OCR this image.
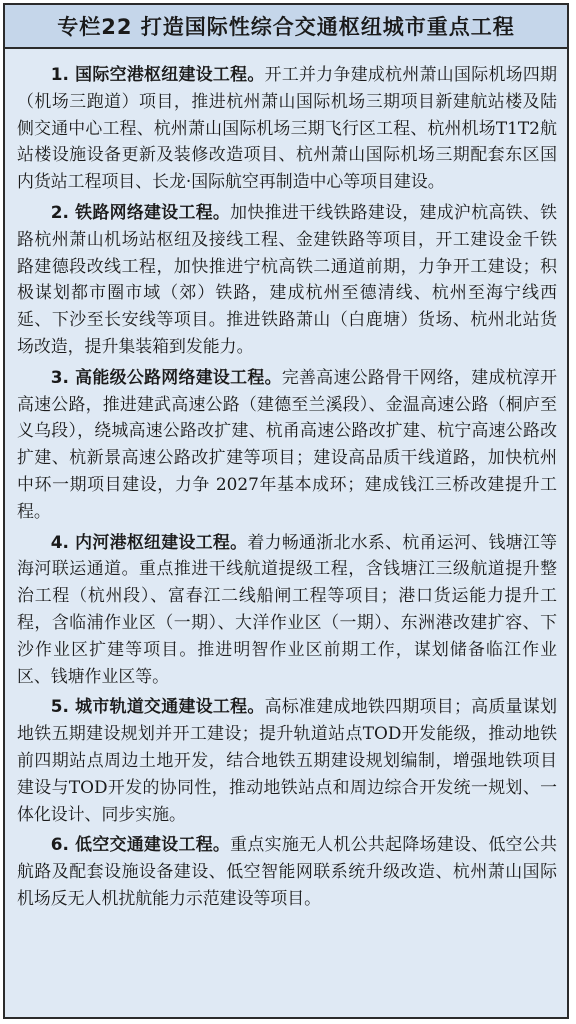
专栏22 打造国际性综合交通枢纽城市重点工程

1. 国际空港枢纽建设工程。开工并力争建成杭州萧山国际机场四期（机场三跑道）项目，推进杭州萧山国际机场三期项目新建航站楼及陆侧交通中心工程、杭州萧山国际机场三期飞行区工程、杭州机场T1T2航站楼设施设备更新及装修改造项目、杭州萧山国际机场三期配套东区国内货站工程项目、长龙·国际航空再制造中心等项目建设。

2. 铁路网络建设工程。加快推进干线铁路建设，建成沪杭高铁、铁路杭州萧山机场站枢纽及接线工程、金建铁路等项目，开工建设金千铁路建德段改线工程，加快推进宁杭高铁二通道前期，力争开工建设；积极谋划都市圈市域（郊）铁路，建成杭州至德清线、杭州至海宁线西延、下沙至长安线等项目。推进铁路萧山（白鹿塘）货场、杭州北站货场改造，提升集装箱到发能力。

3. 高能级公路网络建设工程。完善高速公路骨干网络，建成杭淳开高速公路，推进建武高速公路（建德至兰溪段）、金温高速公路（桐庐至义乌段），绕城高速公路改扩建、杭甬高速公路改扩建、杭宁高速公路改扩建、杭新景高速公路改扩建等项目；建设高品质干线道路，加快杭州中环一期项目建设，力争 2027年基本成环；建成钱江三桥改建提升工程。

4. 内河港枢纽建设工程。着力畅通浙北水系、杭甬运河、钱塘江等海河联运通道。重点推进干线航道提级工程，含钱塘江三级航道提升整治工程（杭州段）、富春江二线船闸工程等项目；港口货运能力提升工程，含临浦作业区（一期）、大洋作业区（一期）、东洲港改建扩容、下沙作业区扩建等项目。推进明智作业区前期工作，谋划储备临江作业区、钱塘作业区等。

5. 城市轨道交通建设工程。高标准建成地铁四期项目；高质量谋划地铁五期建设规划并开工建设；提升轨道站点TOD开发能级，推动地铁前四期站点周边土地开发，结合地铁五期建设规划编制，增强地铁项目建设与TOD开发的协同性，推动地铁站点和周边综合开发统一规划、一体化设计、同步实施。

6. 低空交通建设工程。重点实施无人机公共起降场建设、低空公共航路及配套设施设备建设、低空智能网联系统升级改造、杭州萧山国际机场反无人机扰航能力示范建设等项目。
